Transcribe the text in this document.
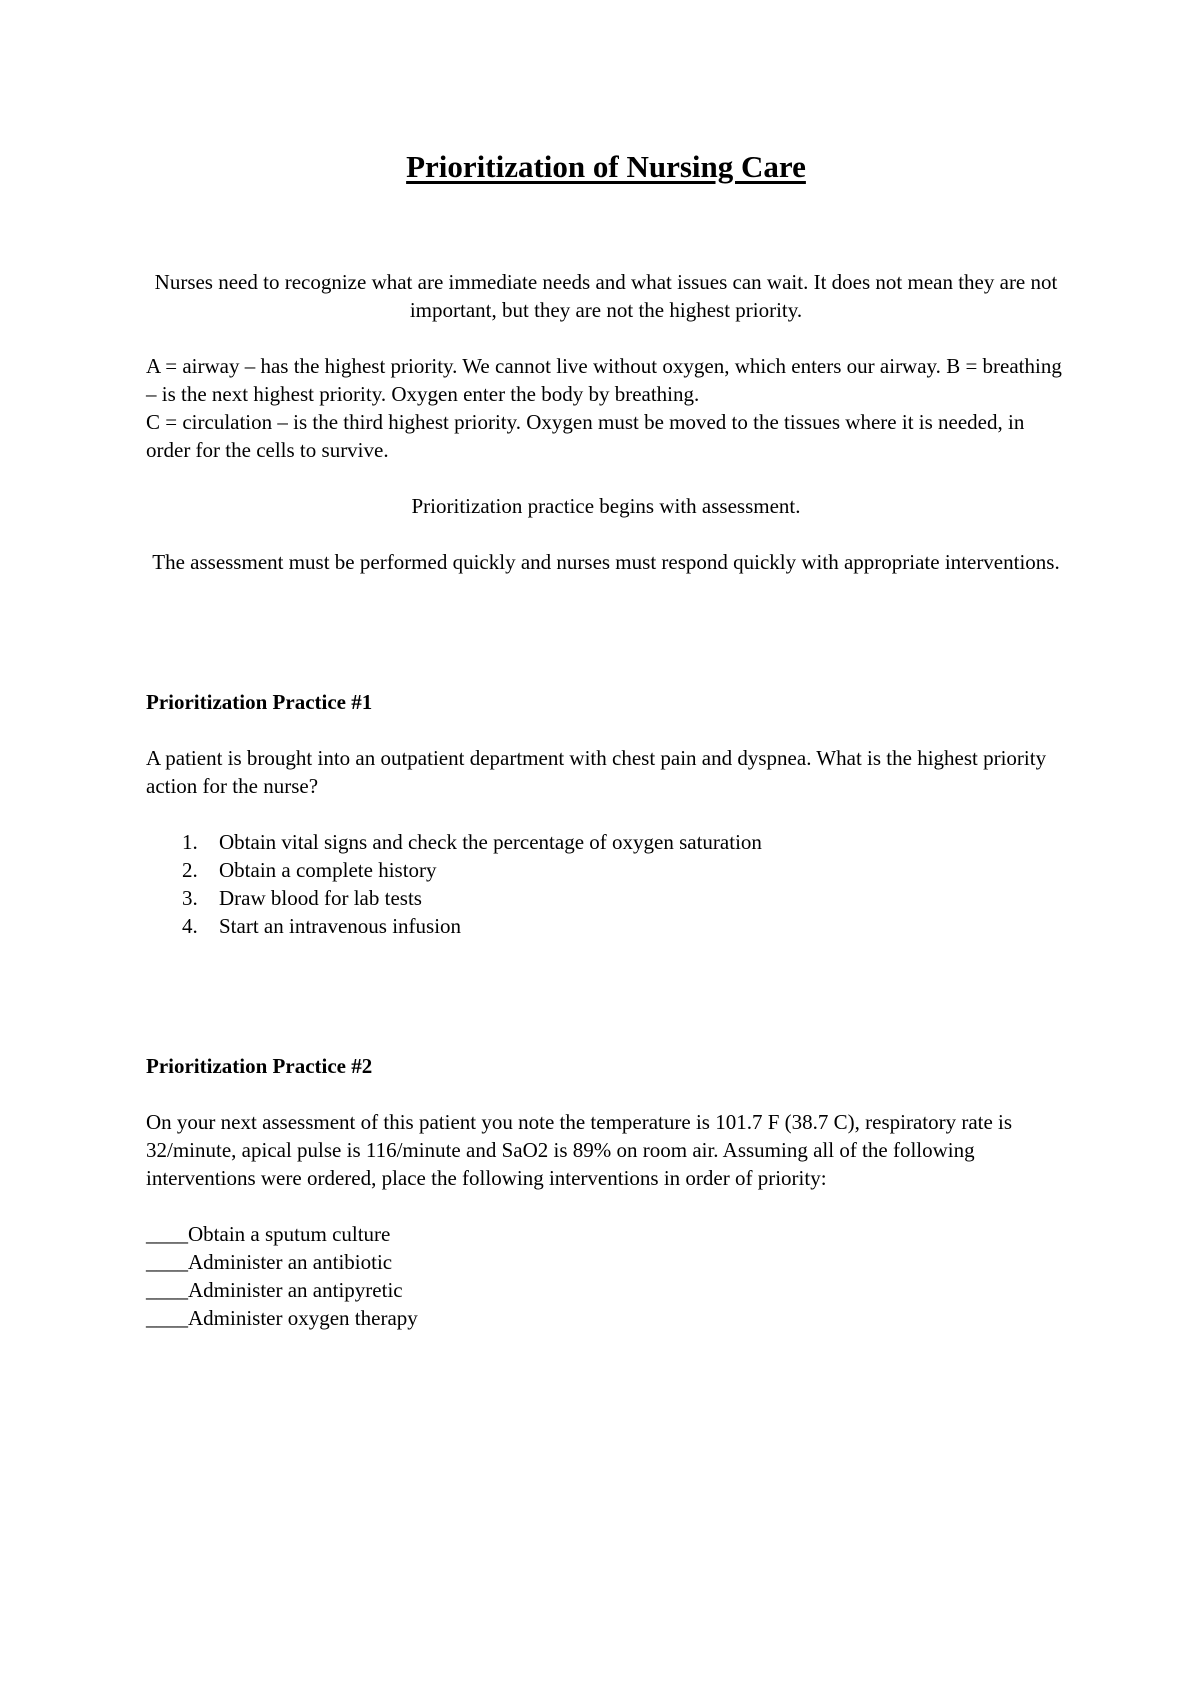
Prioritization of Nursing Care

Nurses need to recognize what are immediate needs and what issues can wait. It does not mean they are not important, but they are not the highest priority.

A = airway – has the highest priority. We cannot live without oxygen, which enters our airway. B = breathing – is the next highest priority. Oxygen enter the body by breathing.
C = circulation – is the third highest priority. Oxygen must be moved to the tissues where it is needed, in order for the cells to survive.

Prioritization practice begins with assessment.

The assessment must be performed quickly and nurses must respond quickly with appropriate interventions.

Prioritization Practice #1

A patient is brought into an outpatient department with chest pain and dyspnea. What is the highest priority action for the nurse?

1.	Obtain vital signs and check the percentage of oxygen saturation
2.	Obtain a complete history
3.	Draw blood for lab tests
4.	Start an intravenous infusion

Prioritization Practice #2

On your next assessment of this patient you note the temperature is 101.7 F (38.7 C), respiratory rate is 32/minute, apical pulse is 116/minute and SaO2 is 89% on room air. Assuming all of the following interventions were ordered, place the following interventions in order of priority:

____Obtain a sputum culture
____Administer an antibiotic
____Administer an antipyretic
____Administer oxygen therapy
